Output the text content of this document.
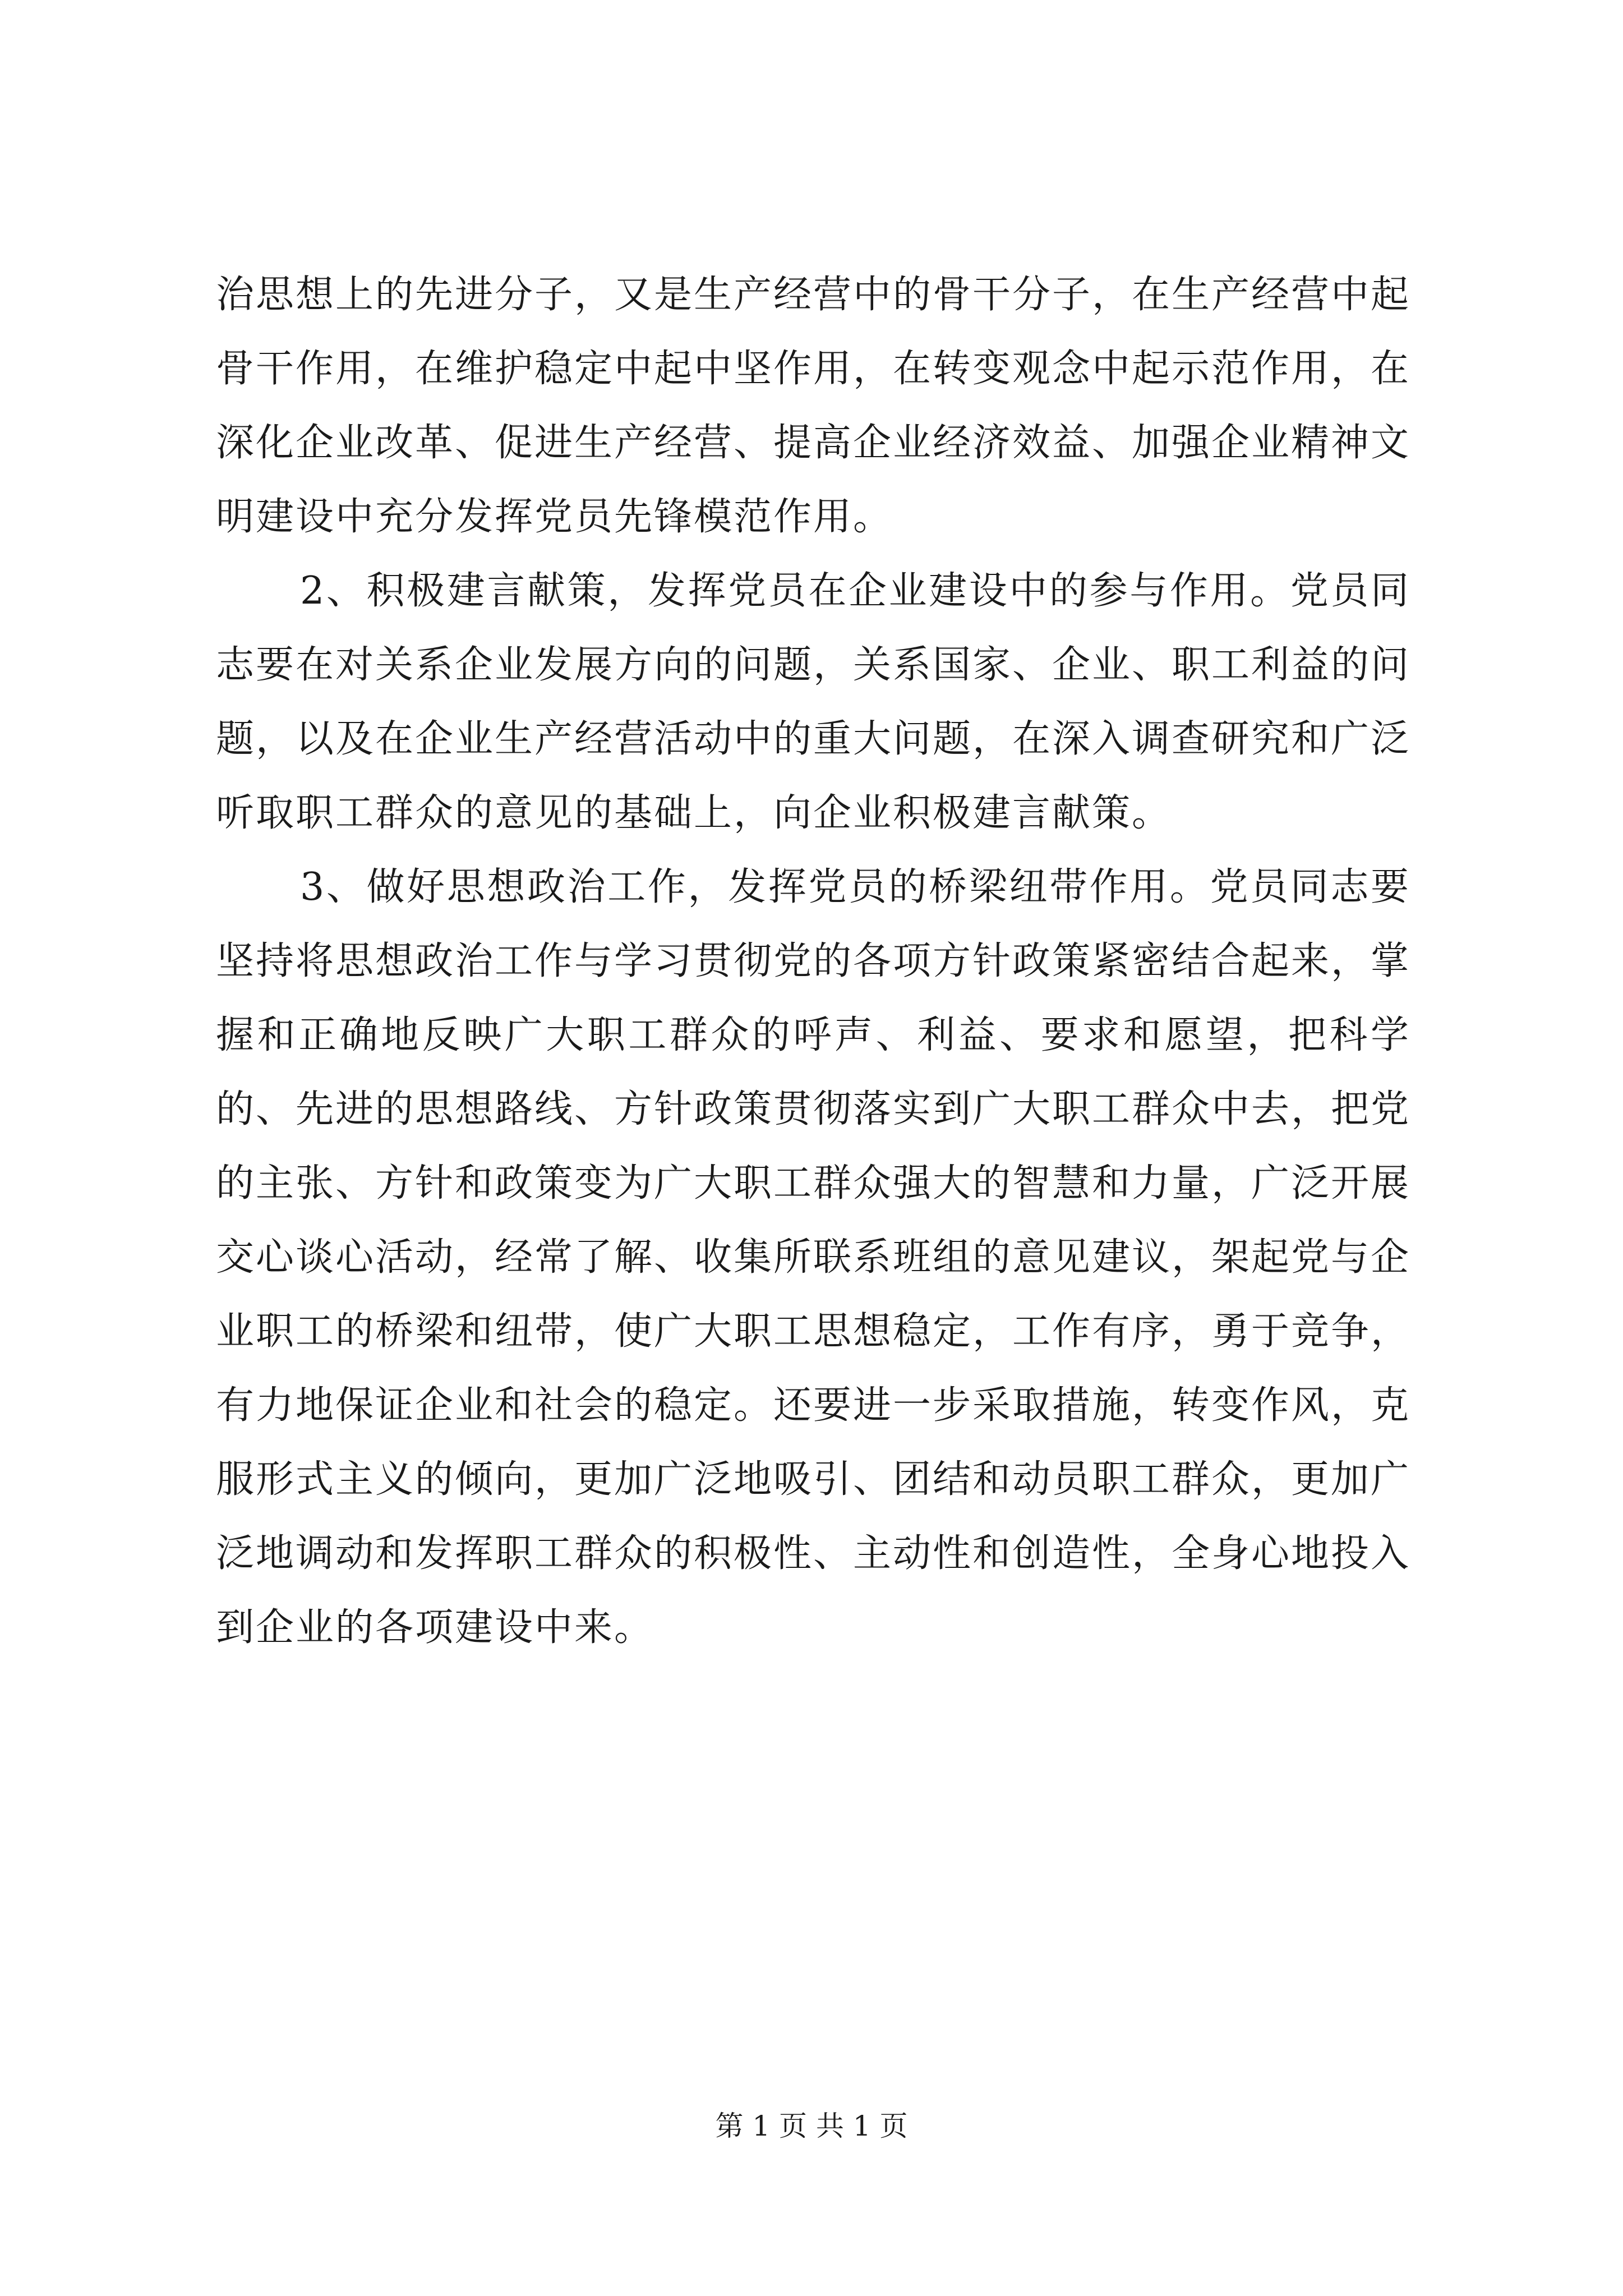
治思想上的先进分子，又是生产经营中的骨干分子，在生产经营中起骨干作用，在维护稳定中起中坚作用，在转变观念中起示范作用，在深化企业改革、促进生产经营、提高企业经济效益、加强企业精神文明建设中充分发挥党员先锋模范作用。

2、积极建言献策，发挥党员在企业建设中的参与作用。党员同志要在对关系企业发展方向的问题，关系国家、企业、职工利益的问题，以及在企业生产经营活动中的重大问题，在深入调查研究和广泛听取职工群众的意见的基础上，向企业积极建言献策。

3、做好思想政治工作，发挥党员的桥梁纽带作用。党员同志要坚持将思想政治工作与学习贯彻党的各项方针政策紧密结合起来，掌握和正确地反映广大职工群众的呼声、利益、要求和愿望，把科学的、先进的思想路线、方针政策贯彻落实到广大职工群众中去，把党的主张、方针和政策变为广大职工群众强大的智慧和力量，广泛开展交心谈心活动，经常了解、收集所联系班组的意见建议，架起党与企业职工的桥梁和纽带，使广大职工思想稳定，工作有序，勇于竞争，有力地保证企业和社会的稳定。还要进一步采取措施，转变作风，克服形式主义的倾向，更加广泛地吸引、团结和动员职工群众，更加广泛地调动和发挥职工群众的积极性、主动性和创造性，全身心地投入到企业的各项建设中来。

第 1 页 共 1 页
